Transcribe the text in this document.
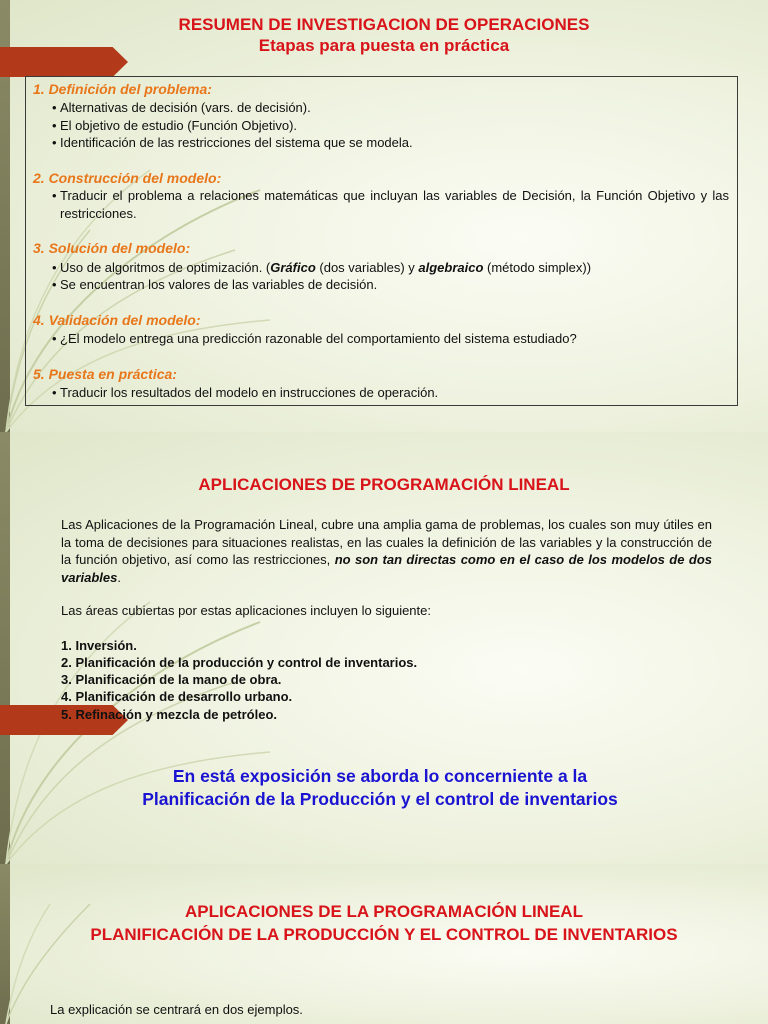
RESUMEN DE INVESTIGACION DE OPERACIONES

Etapas para puesta en práctica

1. Definición del problema:

• Alternativas de decisión (vars. de decisión).

• El objetivo de estudio (Función Objetivo).

• Identificación de las restricciones del sistema que se modela.

2. Construcción del modelo:

• Traducir el problema a relaciones matemáticas que incluyan las variables de Decisión, la Función Objetivo y las restricciones.

3. Solución del modelo:

• Uso de algoritmos de optimización. (Gráfico (dos variables) y algebraico (método simplex))

• Se encuentran los valores de las variables de decisión.

4. Validación del modelo:

• ¿El modelo entrega una predicción razonable del comportamiento del sistema estudiado?

5. Puesta en práctica:

• Traducir los resultados del modelo en instrucciones de operación.

APLICACIONES DE PROGRAMACIÓN LINEAL

Las Aplicaciones de la Programación Lineal, cubre una amplia gama de problemas, los cuales son muy útiles en la toma de decisiones para situaciones realistas, en las cuales la definición de las variables y la construcción de la función objetivo, así como las restricciones, no son tan directas como en el caso de los modelos de dos variables.

Las áreas cubiertas por estas aplicaciones incluyen lo siguiente:

1. Inversión.

2. Planificación de la producción y control de inventarios.

3. Planificación de la mano de obra.

4. Planificación de desarrollo urbano.

5. Refinación y mezcla de petróleo.

En está exposición se aborda lo concerniente a la

Planificación de la Producción y el control de inventarios

APLICACIONES DE LA PROGRAMACIÓN LINEAL

PLANIFICACIÓN DE LA PRODUCCIÓN Y EL CONTROL DE INVENTARIOS

La explicación se centrará en dos ejemplos.
